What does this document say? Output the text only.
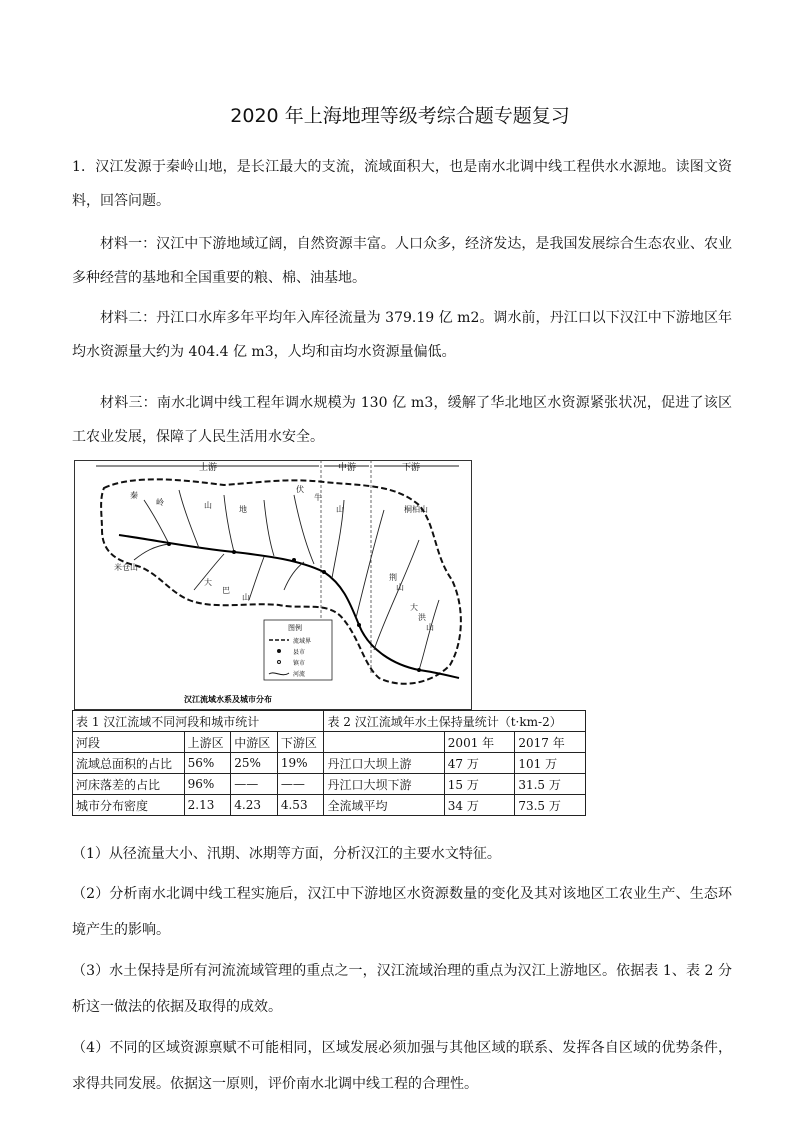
2020 年上海地理等级考综合题专题复习
1．汉江发源于秦岭山地，是长江最大的支流，流域面积大，也是南水北调中线工程供水水源地。读图文资料，回答问题。
材料一：汉江中下游地域辽阔，自然资源丰富。人口众多，经济发达，是我国发展综合生态农业、农业多种经营的基地和全国重要的粮、棉、油基地。
材料二：丹江口水库多年平均年入库径流量为 379.19 亿 m2。调水前，丹江口以下汉江中下游地区年均水资源量大约为 404.4 亿 m3，人均和亩均水资源量偏低。
材料三：南水北调中线工程年调水规模为 130 亿 m3，缓解了华北地区水资源紧张状况，促进了该区工农业发展，保障了人民生活用水安全。
上游	中游	下游
秦
岭	山	地
伏
牛
山
大
巴
山
米仓山
荆
山
大
洪
山
桐柏山
图例
流域界
县市
镇市
河流
汉江流域水系及城市分布
表 1 汉江流域不同河段和城市统计				表 2 汉江流域年水土保持量统计（t·km-2）		
河段	上游区	中游区	下游区		2001 年	2017 年
流域总面积的占比	56%	25%	19%	丹江口大坝上游	47 万	101 万
河床落差的占比	96%	——	——	丹江口大坝下游	15 万	31.5 万
城市分布密度	2.13	4.23	4.53	全流域平均	34 万	73.5 万
（1）从径流量大小、汛期、冰期等方面，分析汉江的主要水文特征。
（2）分析南水北调中线工程实施后，汉江中下游地区水资源数量的变化及其对该地区工农业生产、生态环境产生的影响。
（3）水土保持是所有河流流域管理的重点之一，汉江流域治理的重点为汉江上游地区。依据表 1、表 2 分析这一做法的依据及取得的成效。
（4）不同的区域资源禀赋不可能相同，区域发展必须加强与其他区域的联系、发挥各自区域的优势条件，求得共同发展。依据这一原则，评价南水北调中线工程的合理性。
